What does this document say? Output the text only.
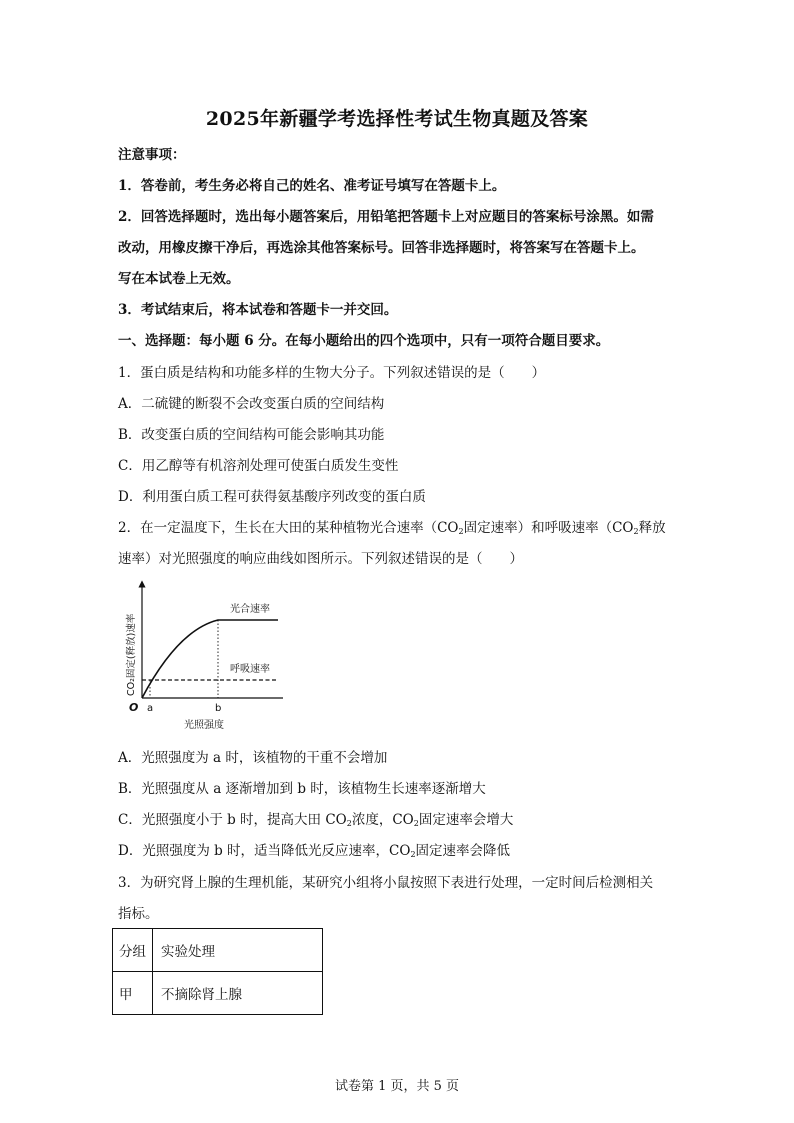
2025年新疆学考选择性考试生物真题及答案
注意事项：
1．答卷前，考生务必将自己的姓名、准考证号填写在答题卡上。
2．回答选择题时，选出每小题答案后，用铅笔把答题卡上对应题目的答案标号涂黑。如需
改动，用橡皮擦干净后，再选涂其他答案标号。回答非选择题时，将答案写在答题卡上。
写在本试卷上无效。
3．考试结束后，将本试卷和答题卡一并交回。
一、选择题：每小题 6 分。在每小题给出的四个选项中，只有一项符合题目要求。
1．蛋白质是结构和功能多样的生物大分子。下列叙述错误的是（　　）
A．二硫键的断裂不会改变蛋白质的空间结构
B．改变蛋白质的空间结构可能会影响其功能
C．用乙醇等有机溶剂处理可使蛋白质发生变性
D．利用蛋白质工程可获得氨基酸序列改变的蛋白质
2．在一定温度下，生长在大田的某种植物光合速率（$CO_2$固定速率）和呼吸速率（$CO_2$释放
速率）对光照强度的响应曲线如图所示。下列叙述错误的是（　　）
光合速率
呼吸速率
O a	b
光照强度
CO₂固定(释放)速率
A．光照强度为 a 时，该植物的干重不会增加
B．光照强度从 a 逐渐增加到 b 时，该植物生长速率逐渐增大
C．光照强度小于 b 时，提高大田 $CO_2$浓度，$CO_2$固定速率会增大
D．光照强度为 b 时，适当降低光反应速率，$CO_2$固定速率会降低
3．为研究肾上腺的生理机能，某研究小组将小鼠按照下表进行处理，一定时间后检测相关
指标。
分组	实验处理
甲	不摘除肾上腺
试卷第 1 页，共 5 页
